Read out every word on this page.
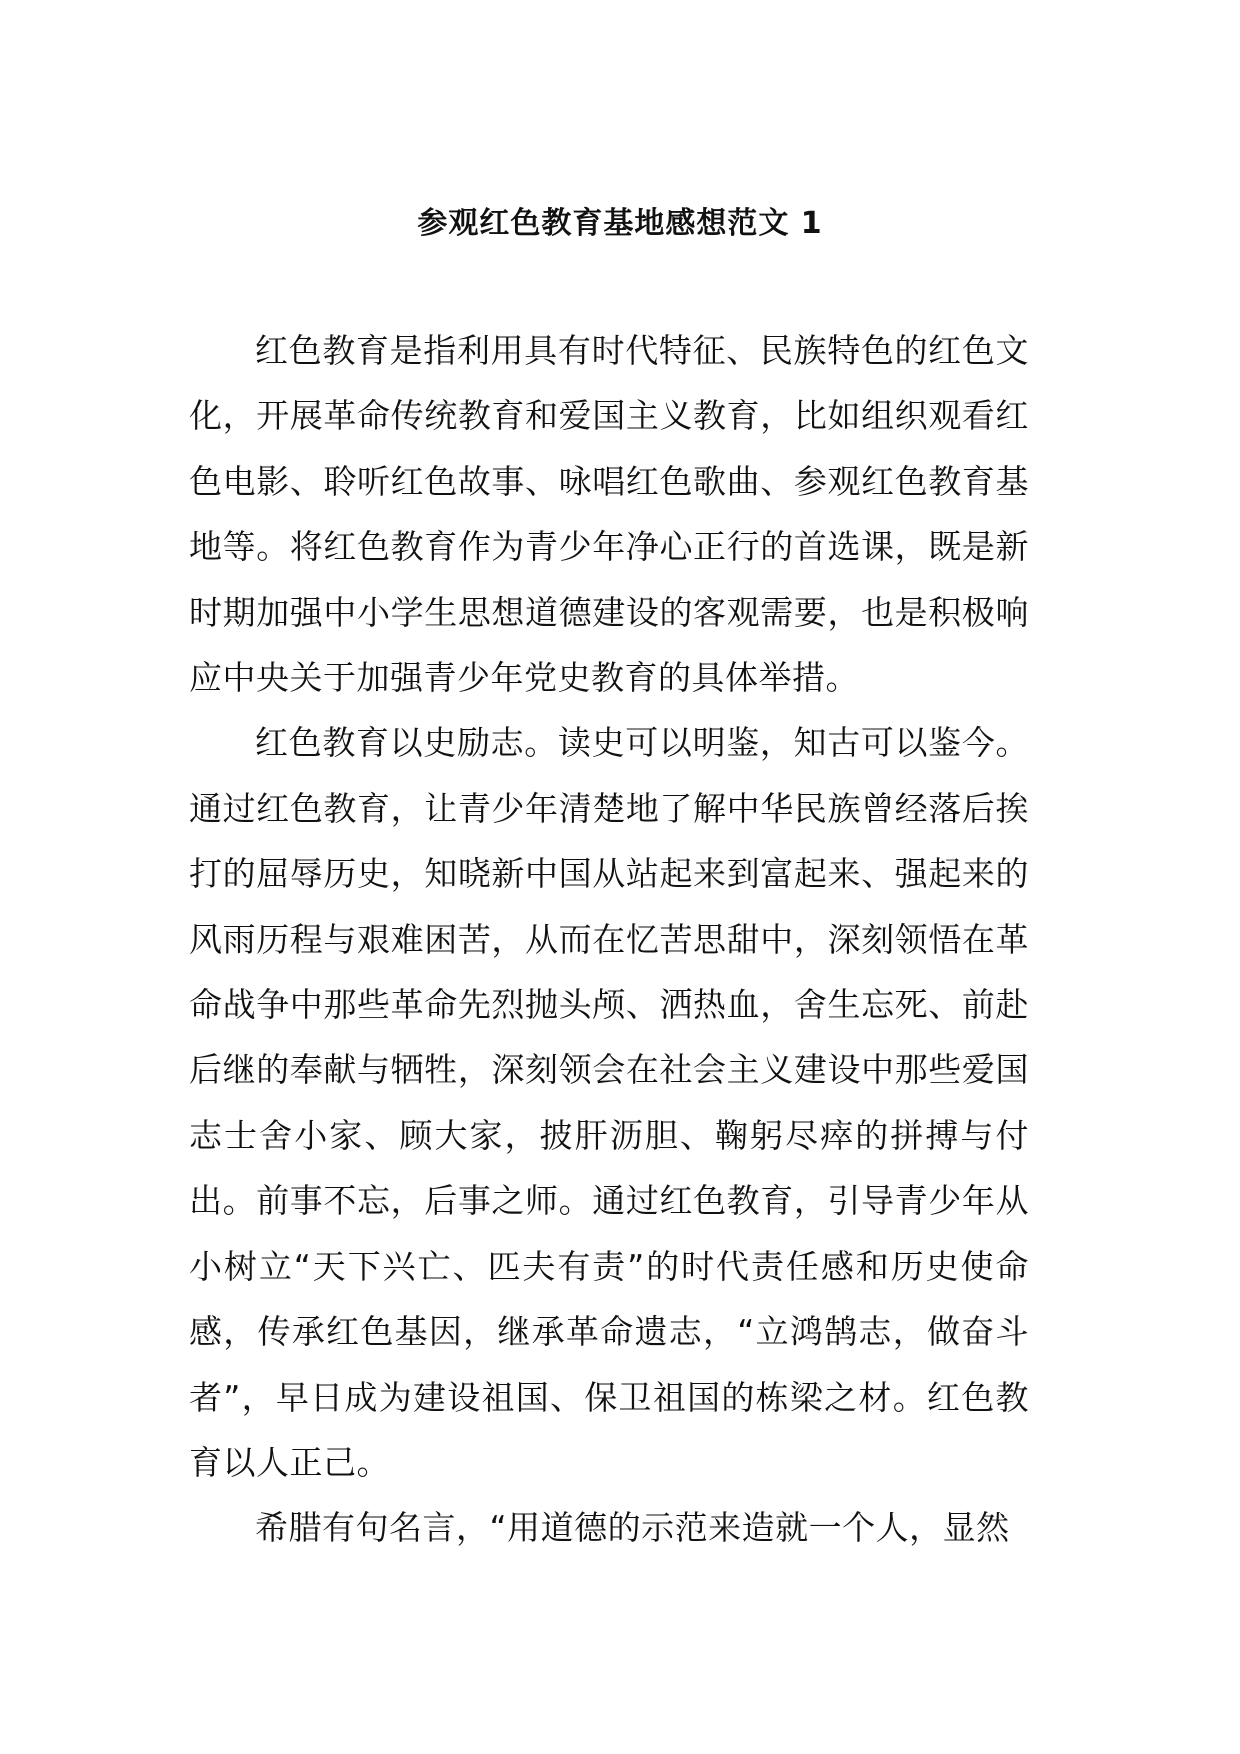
参观红色教育基地感想范文 1

红色教育是指利用具有时代特征、民族特色的红色文化，开展革命传统教育和爱国主义教育，比如组织观看红色电影、聆听红色故事、咏唱红色歌曲、参观红色教育基地等。将红色教育作为青少年净心正行的首选课，既是新时期加强中小学生思想道德建设的客观需要，也是积极响应中央关于加强青少年党史教育的具体举措。

红色教育以史励志。读史可以明鉴，知古可以鉴今。通过红色教育，让青少年清楚地了解中华民族曾经落后挨打的屈辱历史，知晓新中国从站起来到富起来、强起来的风雨历程与艰难困苦，从而在忆苦思甜中，深刻领悟在革命战争中那些革命先烈抛头颅、洒热血，舍生忘死、前赴后继的奉献与牺牲，深刻领会在社会主义建设中那些爱国志士舍小家、顾大家，披肝沥胆、鞠躬尽瘁的拼搏与付出。前事不忘，后事之师。通过红色教育，引导青少年从小树立“天下兴亡、匹夫有责”的时代责任感和历史使命感，传承红色基因，继承革命遗志，“立鸿鹄志，做奋斗者”，早日成为建设祖国、保卫祖国的栋梁之材。红色教育以人正己。

希腊有句名言，“用道德的示范来造就一个人，显然
